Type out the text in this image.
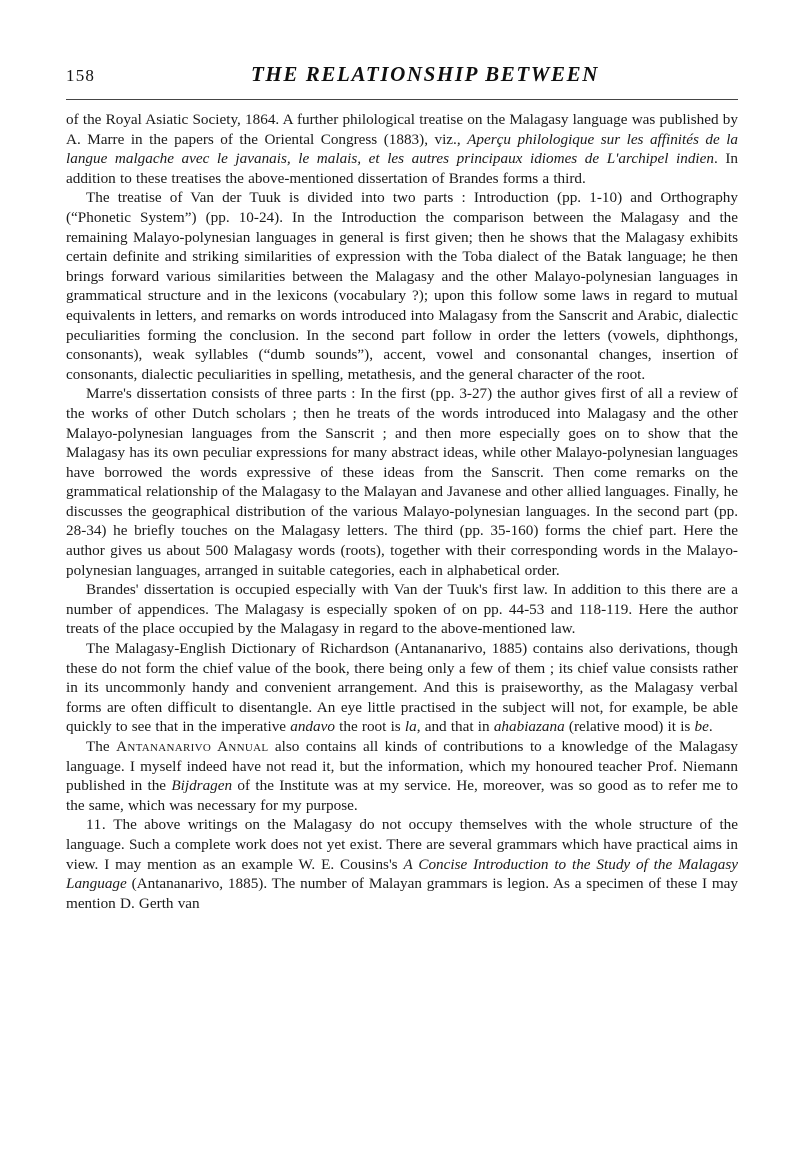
158	THE RELATIONSHIP BETWEEN

of the Royal Asiatic Society, 1864. A further philological treatise on the Malagasy language was published by A. Marre in the papers of the Oriental Congress (1883), viz., Aperçu philologique sur les affinités de la langue malgache avec le javanais, le malais, et les autres principaux idiomes de L'archipel indien. In addition to these treatises the above-mentioned dissertation of Brandes forms a third.

The treatise of Van der Tuuk is divided into two parts : Introduction (pp. 1-10) and Orthography (“Phonetic System”) (pp. 10-24). In the Introduction the comparison between the Malagasy and the remaining Malayo-polynesian languages in general is first given; then he shows that the Malagasy exhibits certain definite and striking similarities of expression with the Toba dialect of the Batak language; he then brings forward various similarities between the Malagasy and the other Malayo-polynesian languages in grammatical structure and in the lexicons (vocabulary ?); upon this follow some laws in regard to mutual equivalents in letters, and remarks on words introduced into Malagasy from the Sanscrit and Arabic, dialectic peculiarities forming the conclusion. In the second part follow in order the letters (vowels, diphthongs, consonants), weak syllables (“dumb sounds”), accent, vowel and consonantal changes, insertion of consonants, dialectic peculiarities in spelling, metathesis, and the general character of the root.

Marre's dissertation consists of three parts : In the first (pp. 3-27) the author gives first of all a review of the works of other Dutch scholars ; then he treats of the words introduced into Malagasy and the other Malayo-polynesian languages from the Sanscrit ; and then more especially goes on to show that the Malagasy has its own peculiar expressions for many abstract ideas, while other Malayo-polynesian languages have borrowed the words expressive of these ideas from the Sanscrit. Then come remarks on the grammatical relationship of the Malagasy to the Malayan and Javanese and other allied languages. Finally, he discusses the geographical distribution of the various Malayo-polynesian languages. In the second part (pp. 28-34) he briefly touches on the Malagasy letters. The third (pp. 35-160) forms the chief part. Here the author gives us about 500 Malagasy words (roots), together with their corresponding words in the Malayo-polynesian languages, arranged in suitable categories, each in alphabetical order.

Brandes' dissertation is occupied especially with Van der Tuuk's first law. In addition to this there are a number of appendices. The Malagasy is especially spoken of on pp. 44-53 and 118-119. Here the author treats of the place occupied by the Malagasy in regard to the above-mentioned law.

The Malagasy-English Dictionary of Richardson (Antananarivo, 1885) contains also derivations, though these do not form the chief value of the book, there being only a few of them ; its chief value consists rather in its uncommonly handy and convenient arrangement. And this is praiseworthy, as the Malagasy verbal forms are often difficult to disentangle. An eye little practised in the subject will not, for example, be able quickly to see that in the imperative andavo the root is la, and that in ahabiazana (relative mood) it is be.

The Antananarivo Annual also contains all kinds of contributions to a knowledge of the Malagasy language. I myself indeed have not read it, but the information, which my honoured teacher Prof. Niemann published in the Bijdragen of the Institute was at my service. He, moreover, was so good as to refer me to the same, which was necessary for my purpose.

11. The above writings on the Malagasy do not occupy themselves with the whole structure of the language. Such a complete work does not yet exist. There are several grammars which have practical aims in view. I may mention as an example W. E. Cousins's A Concise Introduction to the Study of the Malagasy Language (Antananarivo, 1885). The number of Malayan grammars is legion. As a specimen of these I may mention D. Gerth van
